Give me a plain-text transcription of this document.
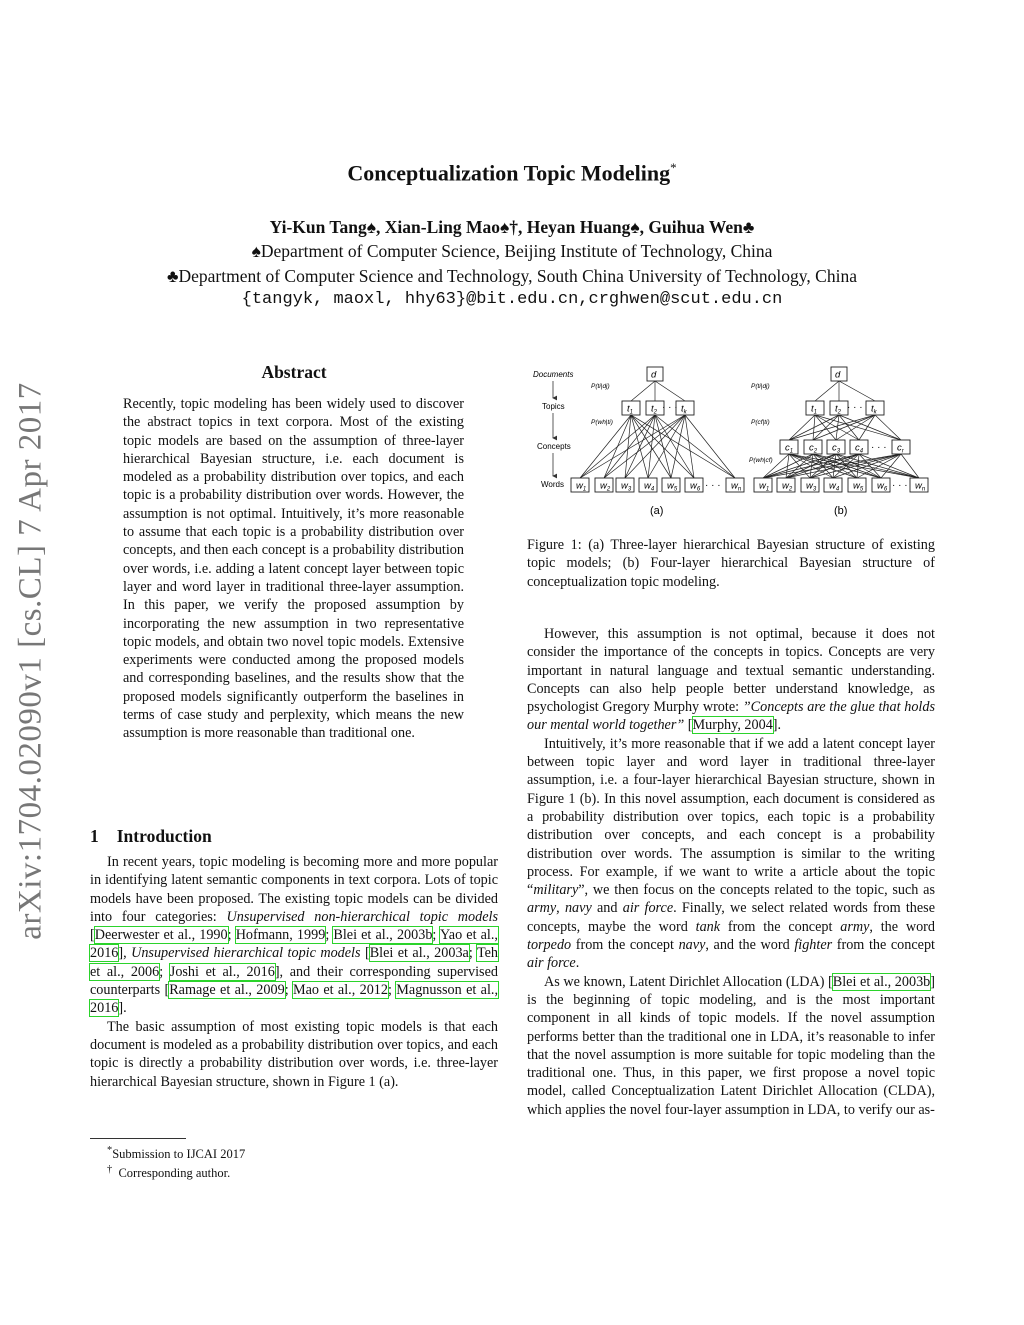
arXiv:1704.02090v1 [cs.CL] 7 Apr 2017
Conceptualization Topic Modeling*
Yi-Kun Tang♠, Xian-Ling Mao♠†, Heyan Huang♠, Guihua Wen♣
♠Department of Computer Science, Beijing Institute of Technology, China
♣Department of Computer Science and Technology, South China University of Technology, China
{tangyk, maoxl, hhy63}@bit.edu.cn,crghwen@scut.edu.cn
Abstract

Recently, topic modeling has been widely used to discover the abstract topics in text corpora. Most of the existing topic models are based on the assumption of three-layer hierarchical Bayesian structure, i.e. each document is modeled as a probability distribution over topics, and each topic is a probability distribution over words. However, the assumption is not optimal. Intuitively, it’s more reasonable to assume that each topic is a probability distribution over concepts, and then each concept is a probability distribution over words, i.e. adding a latent concept layer between topic layer and word layer in traditional three-layer assumption. In this paper, we verify the proposed assumption by incorporating the new assumption in two representative topic models, and obtain two novel topic models. Extensive experiments were conducted among the proposed models and corresponding baselines, and the results show that the proposed models significantly outperform the baselines in terms of case study and perplexity, which means the new assumption is more reasonable than traditional one.

1 Introduction

In recent years, topic modeling is becoming more and more popular in identifying latent semantic components in text corpora. Lots of topic models have been proposed. The existing topic models can be divided into four categories: Unsupervised non-hierarchical topic models [Deerwester et al., 1990; Hofmann, 1999; Blei et al., 2003b; Yao et al., 2016], Unsupervised hierarchical topic models [Blei et al., 2003a; Teh et al., 2006; Joshi et al., 2016], and their corresponding supervised counterparts [Ramage et al., 2009; Mao et al., 2012; Magnusson et al., 2016].

The basic assumption of most existing topic models is that each document is modeled as a probability distribution over topics, and each topic is directly a probability distribution over words, i.e. three-layer hierarchical Bayesian structure, shown in Figure 1 (a).

*Submission to IJCAI 2017
† Corresponding author.
d
$t_1$ $t_2$	$t_k$
· · ·
$w_1$ $w_2$ $w_3$ $w_4$ $w_5$ $w_6$	$w_n$
· · ·
d
$t_1$ $t_2$	$t_k$
· · ·
$c_1$ $c_2$ $c_3$ $c_4$	$c_r$
· · ·
$w_1$ $w_2$ $w_3$ $w_4$ $w_5$ $w_6$	$w_n$
· · ·
Documents
Topics
Concepts
Words
P(ti|dj)
P(wh|ti)
P(ti|dj)
P(cf|ti)
P(wh|cf)
(a)	(b)
Figure 1: (a) Three-layer hierarchical Bayesian structure of existing topic models; (b) Four-layer hierarchical Bayesian structure of conceptualization topic modeling.

However, this assumption is not optimal, because it does not consider the importance of the concepts in topics. Concepts are very important in natural language and textual semantic understanding. Concepts can also help people better understand knowledge, as psychologist Gregory Murphy wrote: ”Concepts are the glue that holds our mental world together” [Murphy, 2004].

Intuitively, it’s more reasonable that if we add a latent concept layer between topic layer and word layer in traditional three-layer assumption, i.e. a four-layer hierarchical Bayesian structure, shown in Figure 1 (b). In this novel assumption, each document is considered as a probability distribution over topics, each topic is a probability distribution over concepts, and each concept is a probability distribution over words. The assumption is similar to the writing process. For example, if we want to write a article about the topic “military”, we then focus on the concepts related to the topic, such as army, navy and air force. Finally, we select related words from these concepts, maybe the word tank from the concept army, the word torpedo from the concept navy, and the word fighter from the concept air force.

As we known, Latent Dirichlet Allocation (LDA) [Blei et al., 2003b] is the beginning of topic modeling, and is the most important component in all kinds of topic models. If the novel assumption performs better than the traditional one in LDA, it’s reasonable to infer that the novel assumption is more suitable for topic modeling than the traditional one. Thus, in this paper, we first propose a novel topic model, called Conceptualization Latent Dirichlet Allocation (CLDA), which applies the novel four-layer assumption in LDA, to verify our as-
